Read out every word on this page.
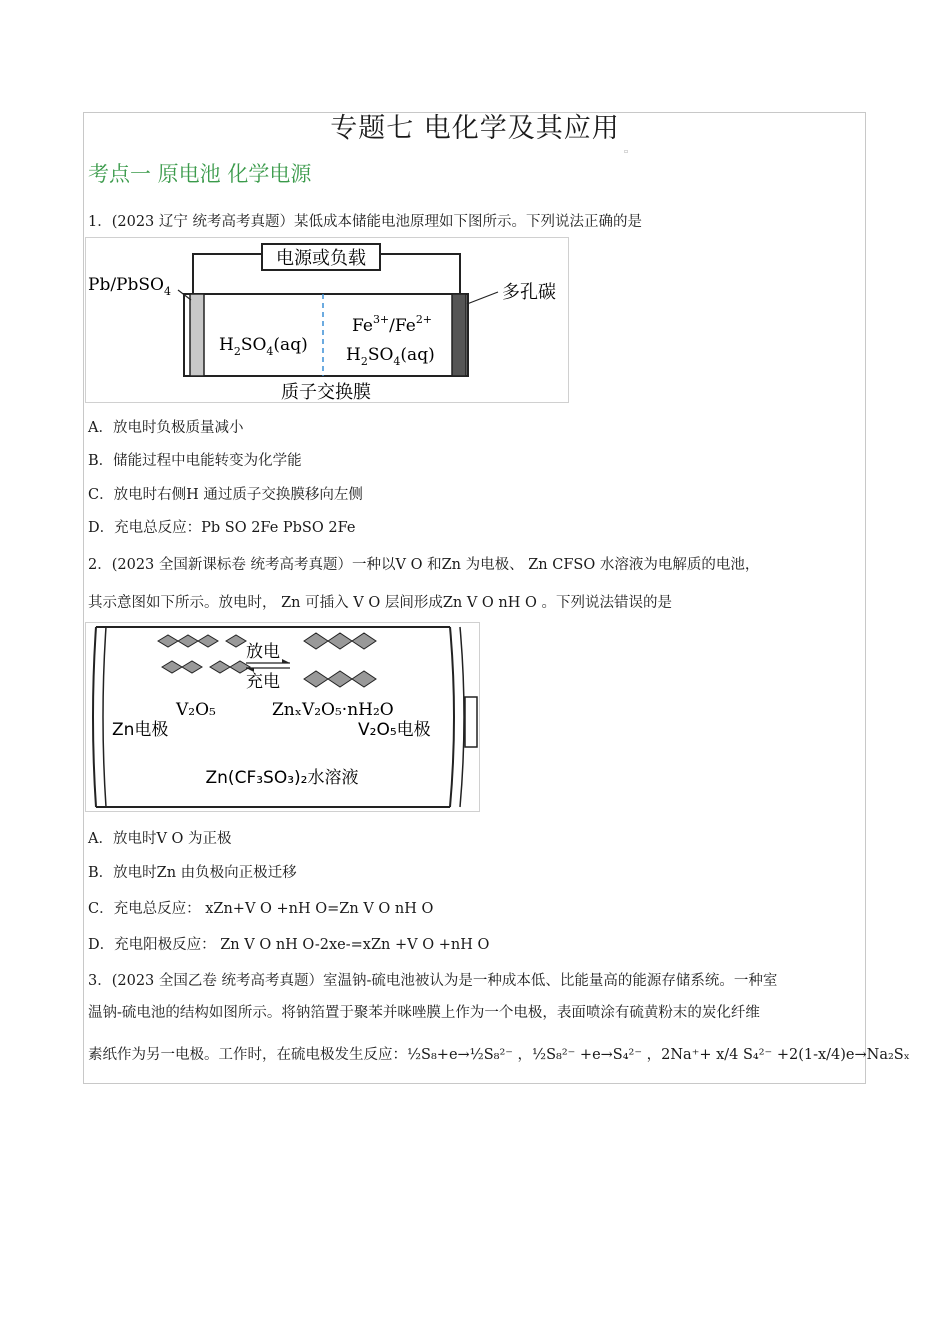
专题七 电化学及其应用
▫
考点一 原电池 化学电源
1．(2023 辽宁 统考高考真题）某低成本储能电池原理如下图所示。下列说法正确的是
电源或负载
Pb/PbSO$_4$	多孔碳
$H_2SO_4(aq)$
$Fe^{3+}/Fe^{2+}$
$H_2SO_4(aq)$
质子交换膜
A．放电时负极质量减小
B．储能过程中电能转变为化学能
C．放电时右侧H 通过质子交换膜移向左侧
D．充电总反应：Pb SO 2Fe PbSO 2Fe
2．(2023 全国新课标卷 统考高考真题）一种以V O 和Zn 为电极、 Zn CFSO 水溶液为电解质的电池，
其示意图如下所示。放电时， Zn 可插入 V O 层间形成Zn V O nH O 。下列说法错误的是
放电
充电
V₂O₅	ZnₓV₂O₅·nH₂O
Zn电极	V₂O₅电极
Zn(CF₃SO₃)₂水溶液
A．放电时V O 为正极
B．放电时Zn 由负极向正极迁移
C．充电总反应： xZn+V O +nH O=Zn V O nH O
D．充电阳极反应： Zn V O nH O-2xe-=xZn +V O +nH O
3．(2023 全国乙卷 统考高考真题）室温钠-硫电池被认为是一种成本低、比能量高的能源存储系统。一种室
温钠-硫电池的结构如图所示。将钠箔置于聚苯并咪唑膜上作为一个电极，表面喷涂有硫黄粉末的炭化纤维
素纸作为另一电极。工作时，在硫电极发生反应：½S₈+e→½S₈²⁻ ，½S₈²⁻ +e→S₄²⁻ ，2Na⁺+ x/4 S₄²⁻ +2(1-x/4)e→Na₂Sₓ
